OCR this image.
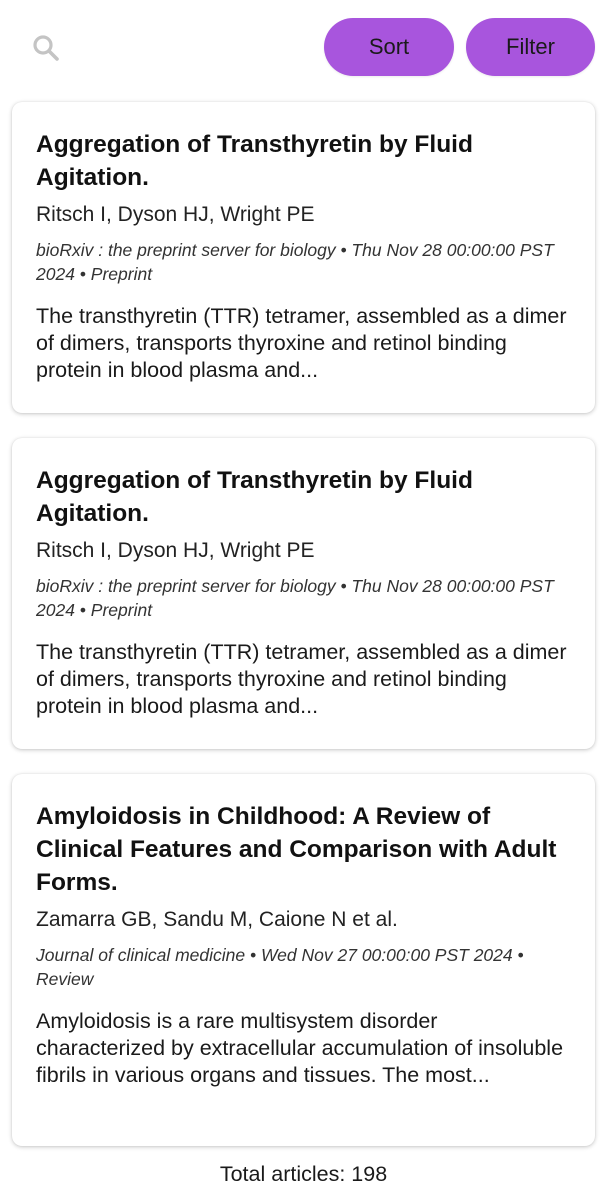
Sort	Filter
Aggregation of Transthyretin by Fluid Agitation.
Ritsch I, Dyson HJ, Wright PE
bioRxiv : the preprint server for biology • Thu Nov 28 00:00:00 PST 2024 • Preprint
The transthyretin (TTR) tetramer, assembled as a dimer of dimers, transports thyroxine and retinol binding protein in blood plasma and...
Aggregation of Transthyretin by Fluid Agitation.
Ritsch I, Dyson HJ, Wright PE
bioRxiv : the preprint server for biology • Thu Nov 28 00:00:00 PST 2024 • Preprint
The transthyretin (TTR) tetramer, assembled as a dimer of dimers, transports thyroxine and retinol binding protein in blood plasma and...
Amyloidosis in Childhood: A Review of Clinical Features and Comparison with Adult Forms.
Zamarra GB, Sandu M, Caione N et al.
Journal of clinical medicine • Wed Nov 27 00:00:00 PST 2024 • Review
Amyloidosis is a rare multisystem disorder characterized by extracellular accumulation of insoluble fibrils in various organs and tissues. The most...
Total articles: 198
